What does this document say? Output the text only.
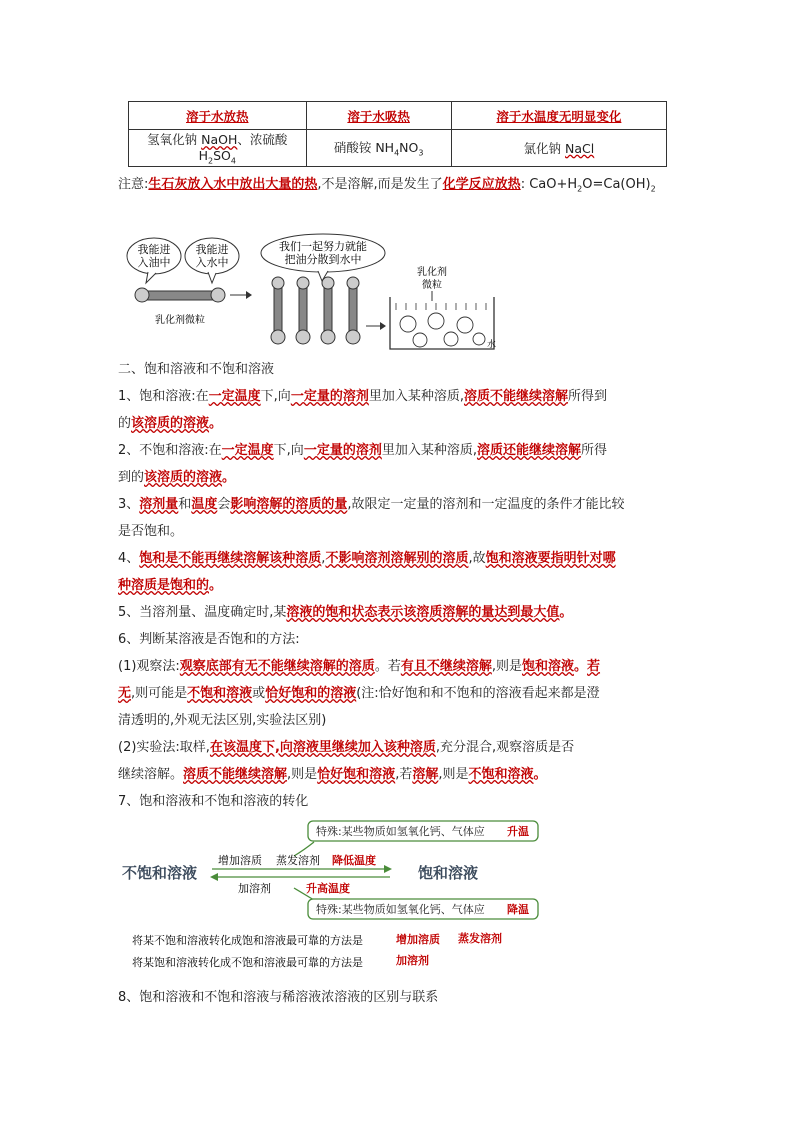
溶于水放热	溶于水吸热	溶于水温度无明显变化
氢氧化钠 NaOH、浓硫酸 $H_2SO_4$	硝酸铵 $NH_4NO_3$	氯化钠 NaCl
注意:生石灰放入水中放出大量的热,不是溶解,而是发生了化学反应放热: $CaO+H_2O=Ca(OH)_2$
我能进
入油中
我能进
入水中
乳化剂微粒
我们一起努力就能
把油分散到水中
乳化剂
微粒
水
二、饱和溶液和不饱和溶液
1、饱和溶液:在一定温度下,向一定量的溶剂里加入某种溶质,溶质不能继续溶解所得到
的该溶质的溶液。
2、不饱和溶液:在一定温度下,向一定量的溶剂里加入某种溶质,溶质还能继续溶解所得
到的该溶质的溶液。
3、溶剂量和温度会影响溶解的溶质的量,故限定一定量的溶剂和一定温度的条件才能比较
是否饱和。
4、饱和是不能再继续溶解该种溶质,不影响溶剂溶解别的溶质,故饱和溶液要指明针对哪
种溶质是饱和的。
5、当溶剂量、温度确定时,某溶液的饱和状态表示该溶质溶解的量达到最大值。
6、判断某溶液是否饱和的方法:
(1)观察法:观察底部有无不能继续溶解的溶质。若有且不继续溶解,则是饱和溶液。若
无,则可能是不饱和溶液或恰好饱和的溶液(注:恰好饱和和不饱和的溶液看起来都是澄
清透明的,外观无法区别,实验法区别)
(2)实验法:取样,在该温度下,向溶液里继续加入该种溶质,充分混合,观察溶质是否
继续溶解。溶质不能继续溶解,则是恰好饱和溶液,若溶解,则是不饱和溶液。
7、饱和溶液和不饱和溶液的转化
特殊:某些物质如氢氧化钙、气体应 升温
增加溶质 蒸发溶剂 降低温度
不饱和溶液	饱和溶液
加溶剂	升高温度
特殊:某些物质如氢氧化钙、气体应 降温
将某不饱和溶液转化成饱和溶液最可靠的方法是	增加溶质 蒸发溶剂
将某饱和溶液转化成不饱和溶液最可靠的方法是	加溶剂
8、饱和溶液和不饱和溶液与稀溶液浓溶液的区别与联系
